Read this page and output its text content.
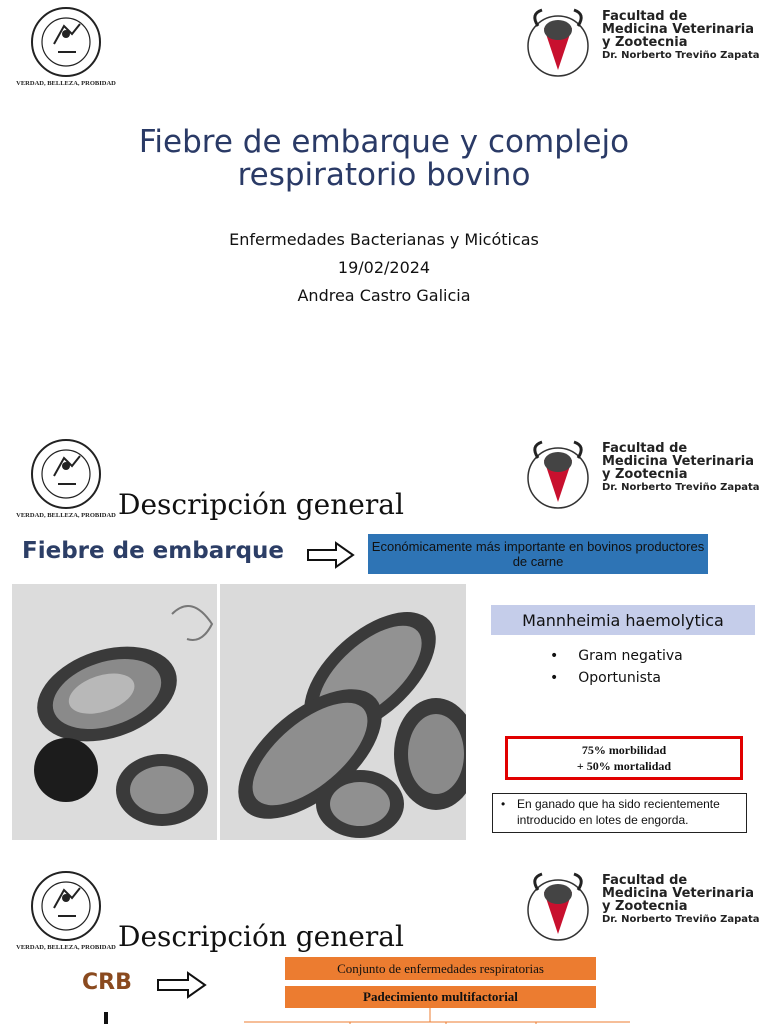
VERDAD, BELLEZA, PROBIDAD
Facultad de
Medicina Veterinaria
y Zootecnia
Dr. Norberto Treviño Zapata
Fiebre de embarque y complejo
respiratorio bovino
Enfermedades Bacterianas y Micóticas
19/02/2024
Andrea Castro Galicia
VERDAD, BELLEZA, PROBIDAD
Facultad de
Medicina Veterinaria
y Zootecnia
Dr. Norberto Treviño Zapata
Descripción general
Fiebre de embarque	Económicamente más importante en bovinos productores de carne
Mannheimia haemolytica
• Gram negativa
• Oportunista
75% morbilidad
+ 50% mortalidad
• En ganado que ha sido recientemente introducido en lotes de engorda.
VERDAD, BELLEZA, PROBIDAD
Facultad de
Medicina Veterinaria
y Zootecnia
Dr. Norberto Treviño Zapata
Descripción general
CRB
Conjunto de enfermedades respiratorias
Padecimiento multifactorial
